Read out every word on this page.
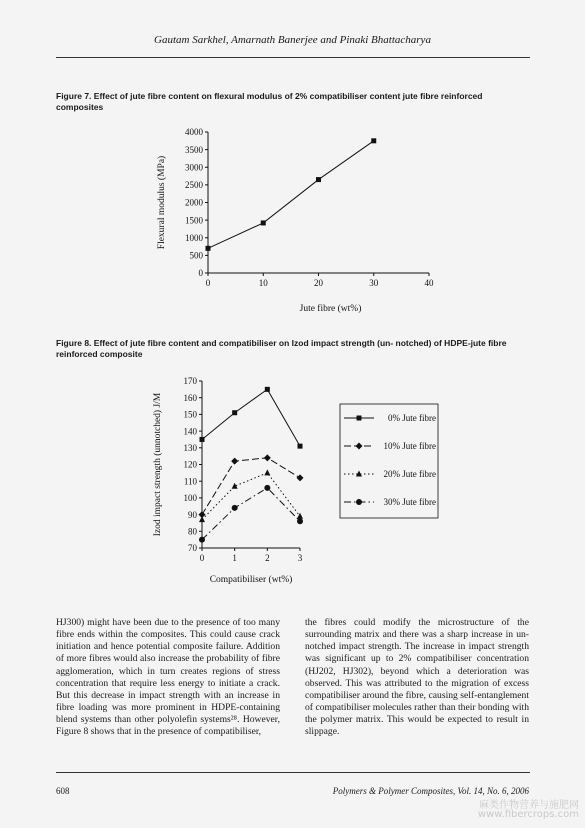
Gautam Sarkhel, Amarnath Banerjee and Pinaki Bhattacharya
Figure 7. Effect of jute fibre content on flexural modulus of 2% compatibiliser content jute fibre reinforced composites
0
500
1000
1500
2000
2500
3000
3500
4000
0	10	20	30	40
Jute fibre (wt%)
Flexural modulus (MPa)
Figure 8. Effect of jute fibre content and compatibiliser on Izod impact strength (un- notched) of HDPE-jute fibre reinforced composite
70
80
90
100
110
120
130
140
150
160
170
0	1	2	3
Compatibiliser (wt%)
Izod impact strength (unnotched) J/M	0% Jute fibre
10% Jute fibre
20% Jute fibre
30% Jute fibre

HJ300) might have been due to the presence of too many fibre ends within the composites. This could cause crack initiation and hence potential composite failure. Addition of more fibres would also increase the probability of fibre agglomeration, which in turn creates regions of stress concentration that require less energy to initiate a crack. But this decrease in impact strength with an increase in fibre loading was more prominent in HDPE-containing blend systems than other polyolefin systems²⁸. However, Figure 8 shows that in the presence of compatibiliser,

the fibres could modify the microstructure of the surrounding matrix and there was a sharp increase in un-notched impact strength. The increase in impact strength was significant up to 2% compatibiliser concentration (HJ202, HJ302), beyond which a deterioration was observed. This was attributed to the migration of excess compatibiliser around the fibre, causing self-entanglement of compatibiliser molecules rather than their bonding with the polymer matrix. This would be expected to result in slippage.

608	Polymers & Polymer Composites, Vol. 14, No. 6, 2006
麻类作物营养与施肥网
www.fibercrops.com
